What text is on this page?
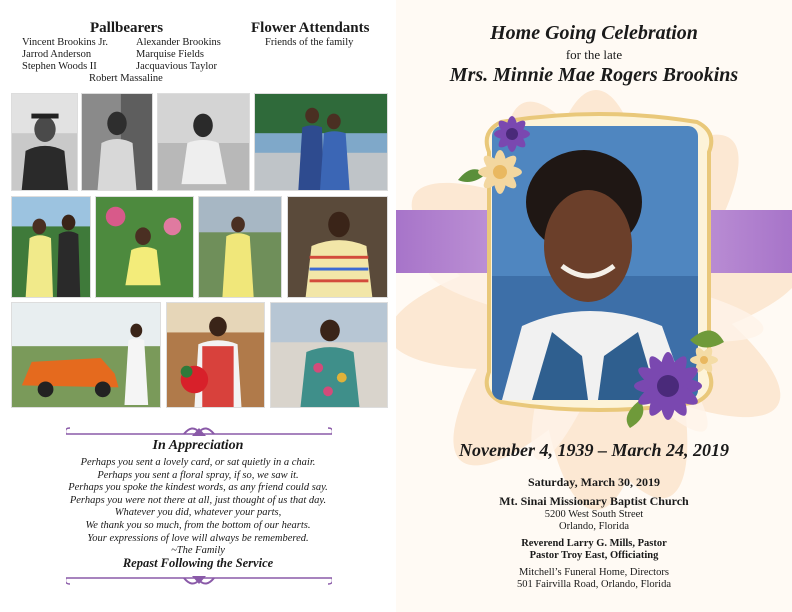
Pallbearers
Vincent Brookins Jr.	Alexander Brookins
Jarrod Anderson	Marquise Fields
Stephen Woods II	Jacquavious Taylor
Robert Massaline
Flower Attendants
Friends of the family
In Appreciation
Perhaps you sent a lovely card, or sat quietly in a chair.
Perhaps you sent a floral spray, if so, we saw it.
Perhaps you spoke the kindest words, as any friend could say.
Perhaps you were not there at all, just thought of us that day.
Whatever you did, whatever your parts,
We thank you so much, from the bottom of our hearts.
Your expressions of love will always be remembered.
~The Family
Repast Following the Service
Home Going Celebration
for the late
Mrs. Minnie Mae Rogers Brookins
November 4, 1939 – March 24, 2019
Saturday, March 30, 2019
Mt. Sinai Missionary Baptist Church
5200 West South Street
Orlando, Florida
Reverend Larry G. Mills, Pastor
Pastor Troy East, Officiating
Mitchell’s Funeral Home, Directors
501 Fairvilla Road, Orlando, Florida
